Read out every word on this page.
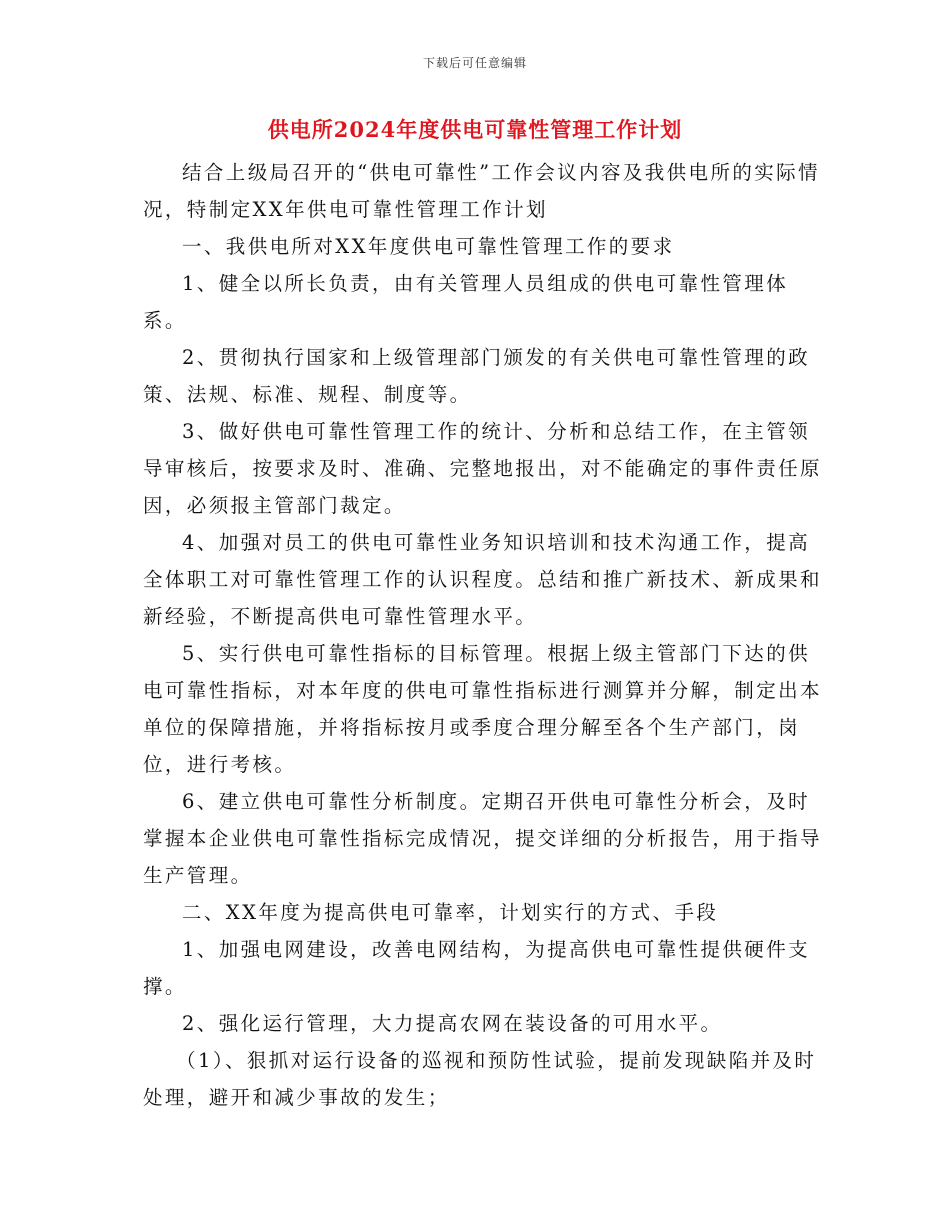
下载后可任意编辑
供电所2024年度供电可靠性管理工作计划

结合上级局召开的“供电可靠性”工作会议内容及我供电所的实际情况，特制定XX年供电可靠性管理工作计划

一、我供电所对XX年度供电可靠性管理工作的要求

1、健全以所长负责，由有关管理人员组成的供电可靠性管理体系。

2、贯彻执行国家和上级管理部门颁发的有关供电可靠性管理的政策、法规、标准、规程、制度等。

3、做好供电可靠性管理工作的统计、分析和总结工作，在主管领导审核后，按要求及时、准确、完整地报出，对不能确定的事件责任原因，必须报主管部门裁定。

4、加强对员工的供电可靠性业务知识培训和技术沟通工作，提高全体职工对可靠性管理工作的认识程度。总结和推广新技术、新成果和新经验，不断提高供电可靠性管理水平。

5、实行供电可靠性指标的目标管理。根据上级主管部门下达的供电可靠性指标，对本年度的供电可靠性指标进行测算并分解，制定出本单位的保障措施，并将指标按月或季度合理分解至各个生产部门，岗位，进行考核。

6、建立供电可靠性分析制度。定期召开供电可靠性分析会，及时掌握本企业供电可靠性指标完成情况，提交详细的分析报告，用于指导生产管理。

二、XX年度为提高供电可靠率，计划实行的方式、手段

1、加强电网建设，改善电网结构，为提高供电可靠性提供硬件支撑。

2、强化运行管理，大力提高农网在装设备的可用水平。

（1）、狠抓对运行设备的巡视和预防性试验，提前发现缺陷并及时处理，避开和减少事故的发生；
